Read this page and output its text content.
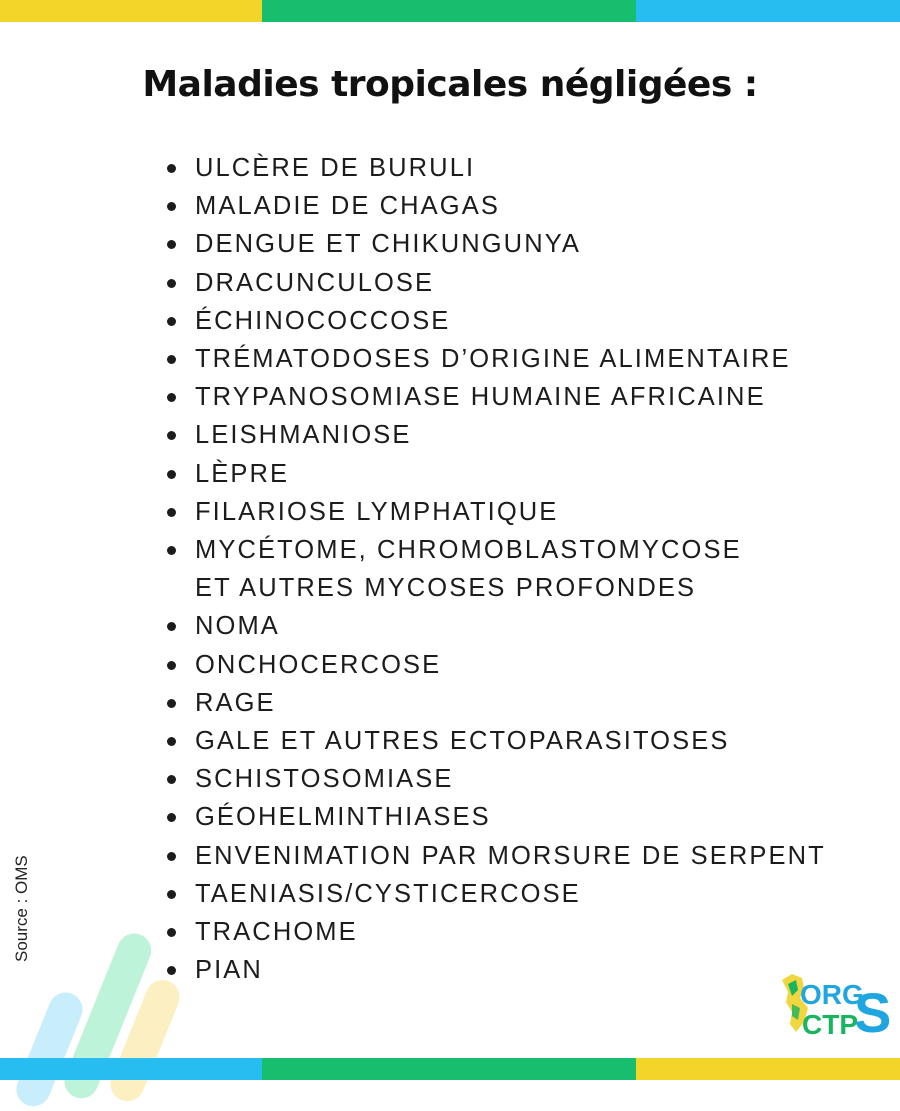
Maladies tropicales négligées :
ULCÈRE DE BURULI
MALADIE DE CHAGAS
DENGUE ET CHIKUNGUNYA
DRACUNCULOSE
ÉCHINOCOCCOSE
TRÉMATODOSES D’ORIGINE ALIMENTAIRE
TRYPANOSOMIASE HUMAINE AFRICAINE
LEISHMANIOSE
LÈPRE
FILARIOSE LYMPHATIQUE
MYCÉTOME, CHROMOBLASTOMYCOSE
ET AUTRES MYCOSES PROFONDES
NOMA
ONCHOCERCOSE
RAGE
GALE ET AUTRES ECTOPARASITOSES
SCHISTOSOMIASE
GÉOHELMINTHIASES
ENVENIMATION PAR MORSURE DE SERPENT
TAENIASIS/CYSTICERCOSE
TRACHOME
PIAN
Source : OMS
ORG
CTP
S
